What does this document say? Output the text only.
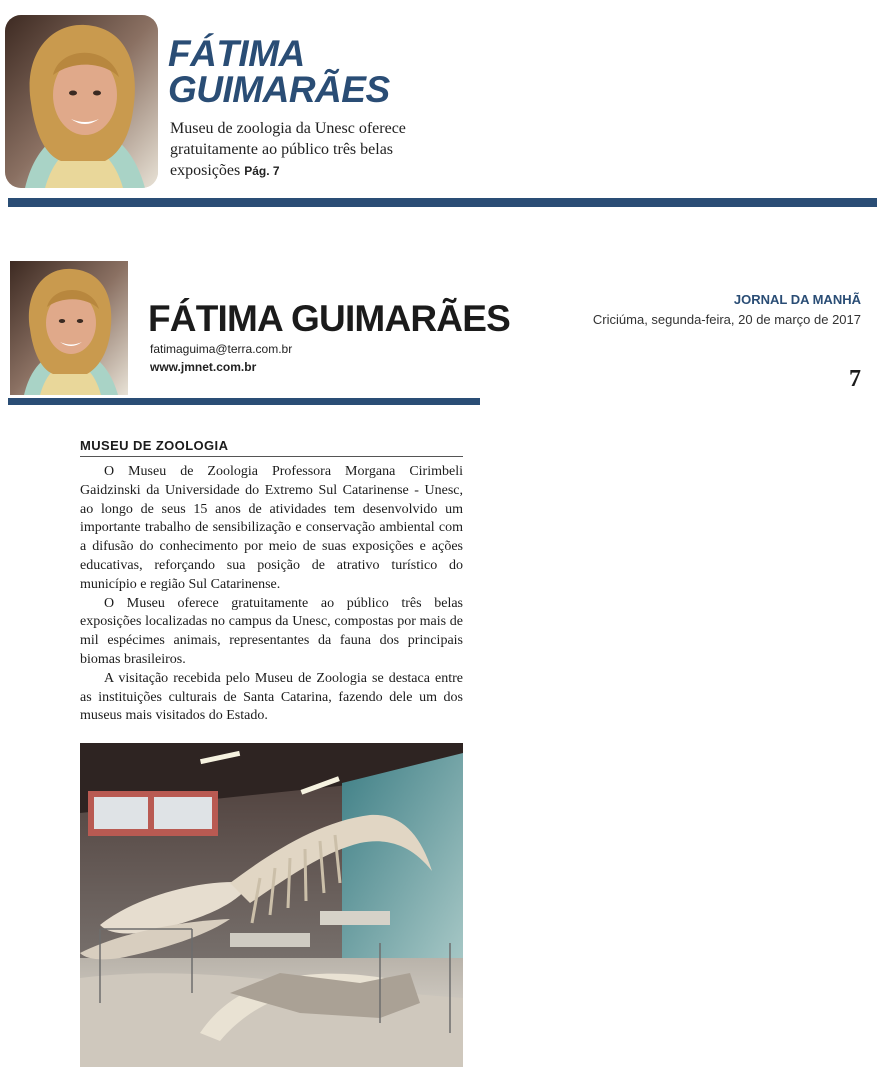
FÁTIMA
GUIMARÃES

Museu de zoologia da Unesc oferece gratuitamente ao público três belas exposições Pág. 7

FÁTIMA GUIMARÃES
fatimaguima@terra.com.br
www.jmnet.com.br
JORNAL DA MANHÃ
Criciúma, segunda-feira, 20 de março de 2017
7
MUSEU DE ZOOLOGIA

O Museu de Zoologia Professora Morgana Cirimbeli Gaidzinski da Universidade do Extremo Sul Catarinense - Unesc, ao longo de seus 15 anos de atividades tem desenvolvido um importante trabalho de sensibilização e conservação ambiental com a difusão do conhecimento por meio de suas exposições e ações educativas, reforçando sua posição de atrativo turístico do município e região Sul Catarinense.

O Museu oferece gratuitamente ao público três belas exposições localizadas no campus da Unesc, compostas por mais de mil espécimes animais, representantes da fauna dos principais biomas brasileiros.

A visitação recebida pelo Museu de Zoologia se destaca entre as instituições culturais de Santa Catarina, fazendo dele um dos museus mais visitados do Estado.
